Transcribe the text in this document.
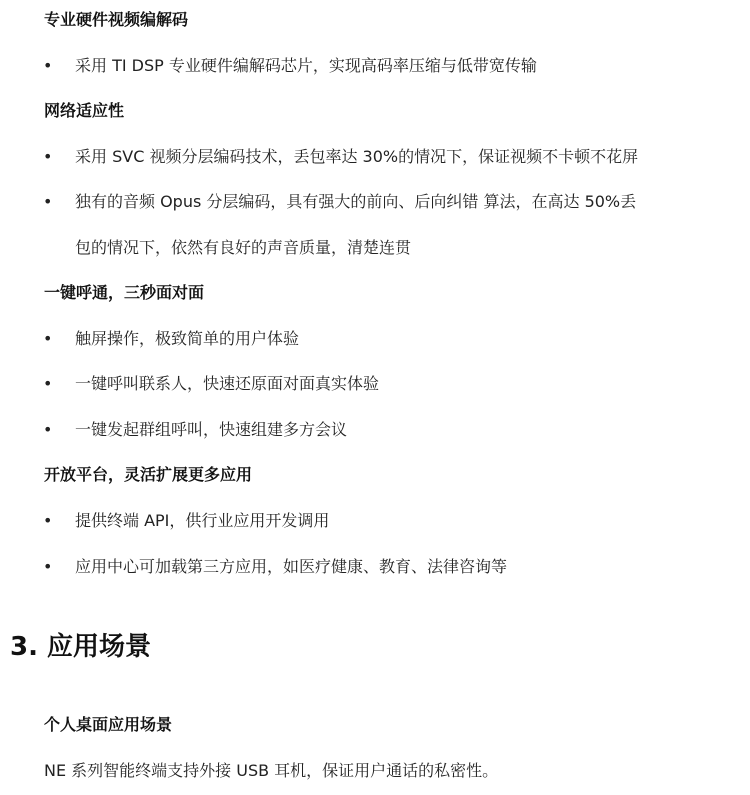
专业硬件视频编解码
• 采用 TI DSP 专业硬件编解码芯片，实现高码率压缩与低带宽传输
网络适应性
• 采用 SVC 视频分层编码技术，丢包率达 30%的情况下，保证视频不卡顿不花屏
• 独有的音频 Opus 分层编码，具有强大的前向、后向纠错 算法，在高达 50%丢
包的情况下，依然有良好的声音质量，清楚连贯
一键呼通，三秒面对面
• 触屏操作，极致简单的用户体验
• 一键呼叫联系人，快速还原面对面真实体验
• 一键发起群组呼叫，快速组建多方会议
开放平台，灵活扩展更多应用
• 提供终端 API，供行业应用开发调用
• 应用中心可加载第三方应用，如医疗健康、教育、法律咨询等
3. 应用场景
个人桌面应用场景
NE 系列智能终端支持外接 USB 耳机，保证用户通话的私密性。
